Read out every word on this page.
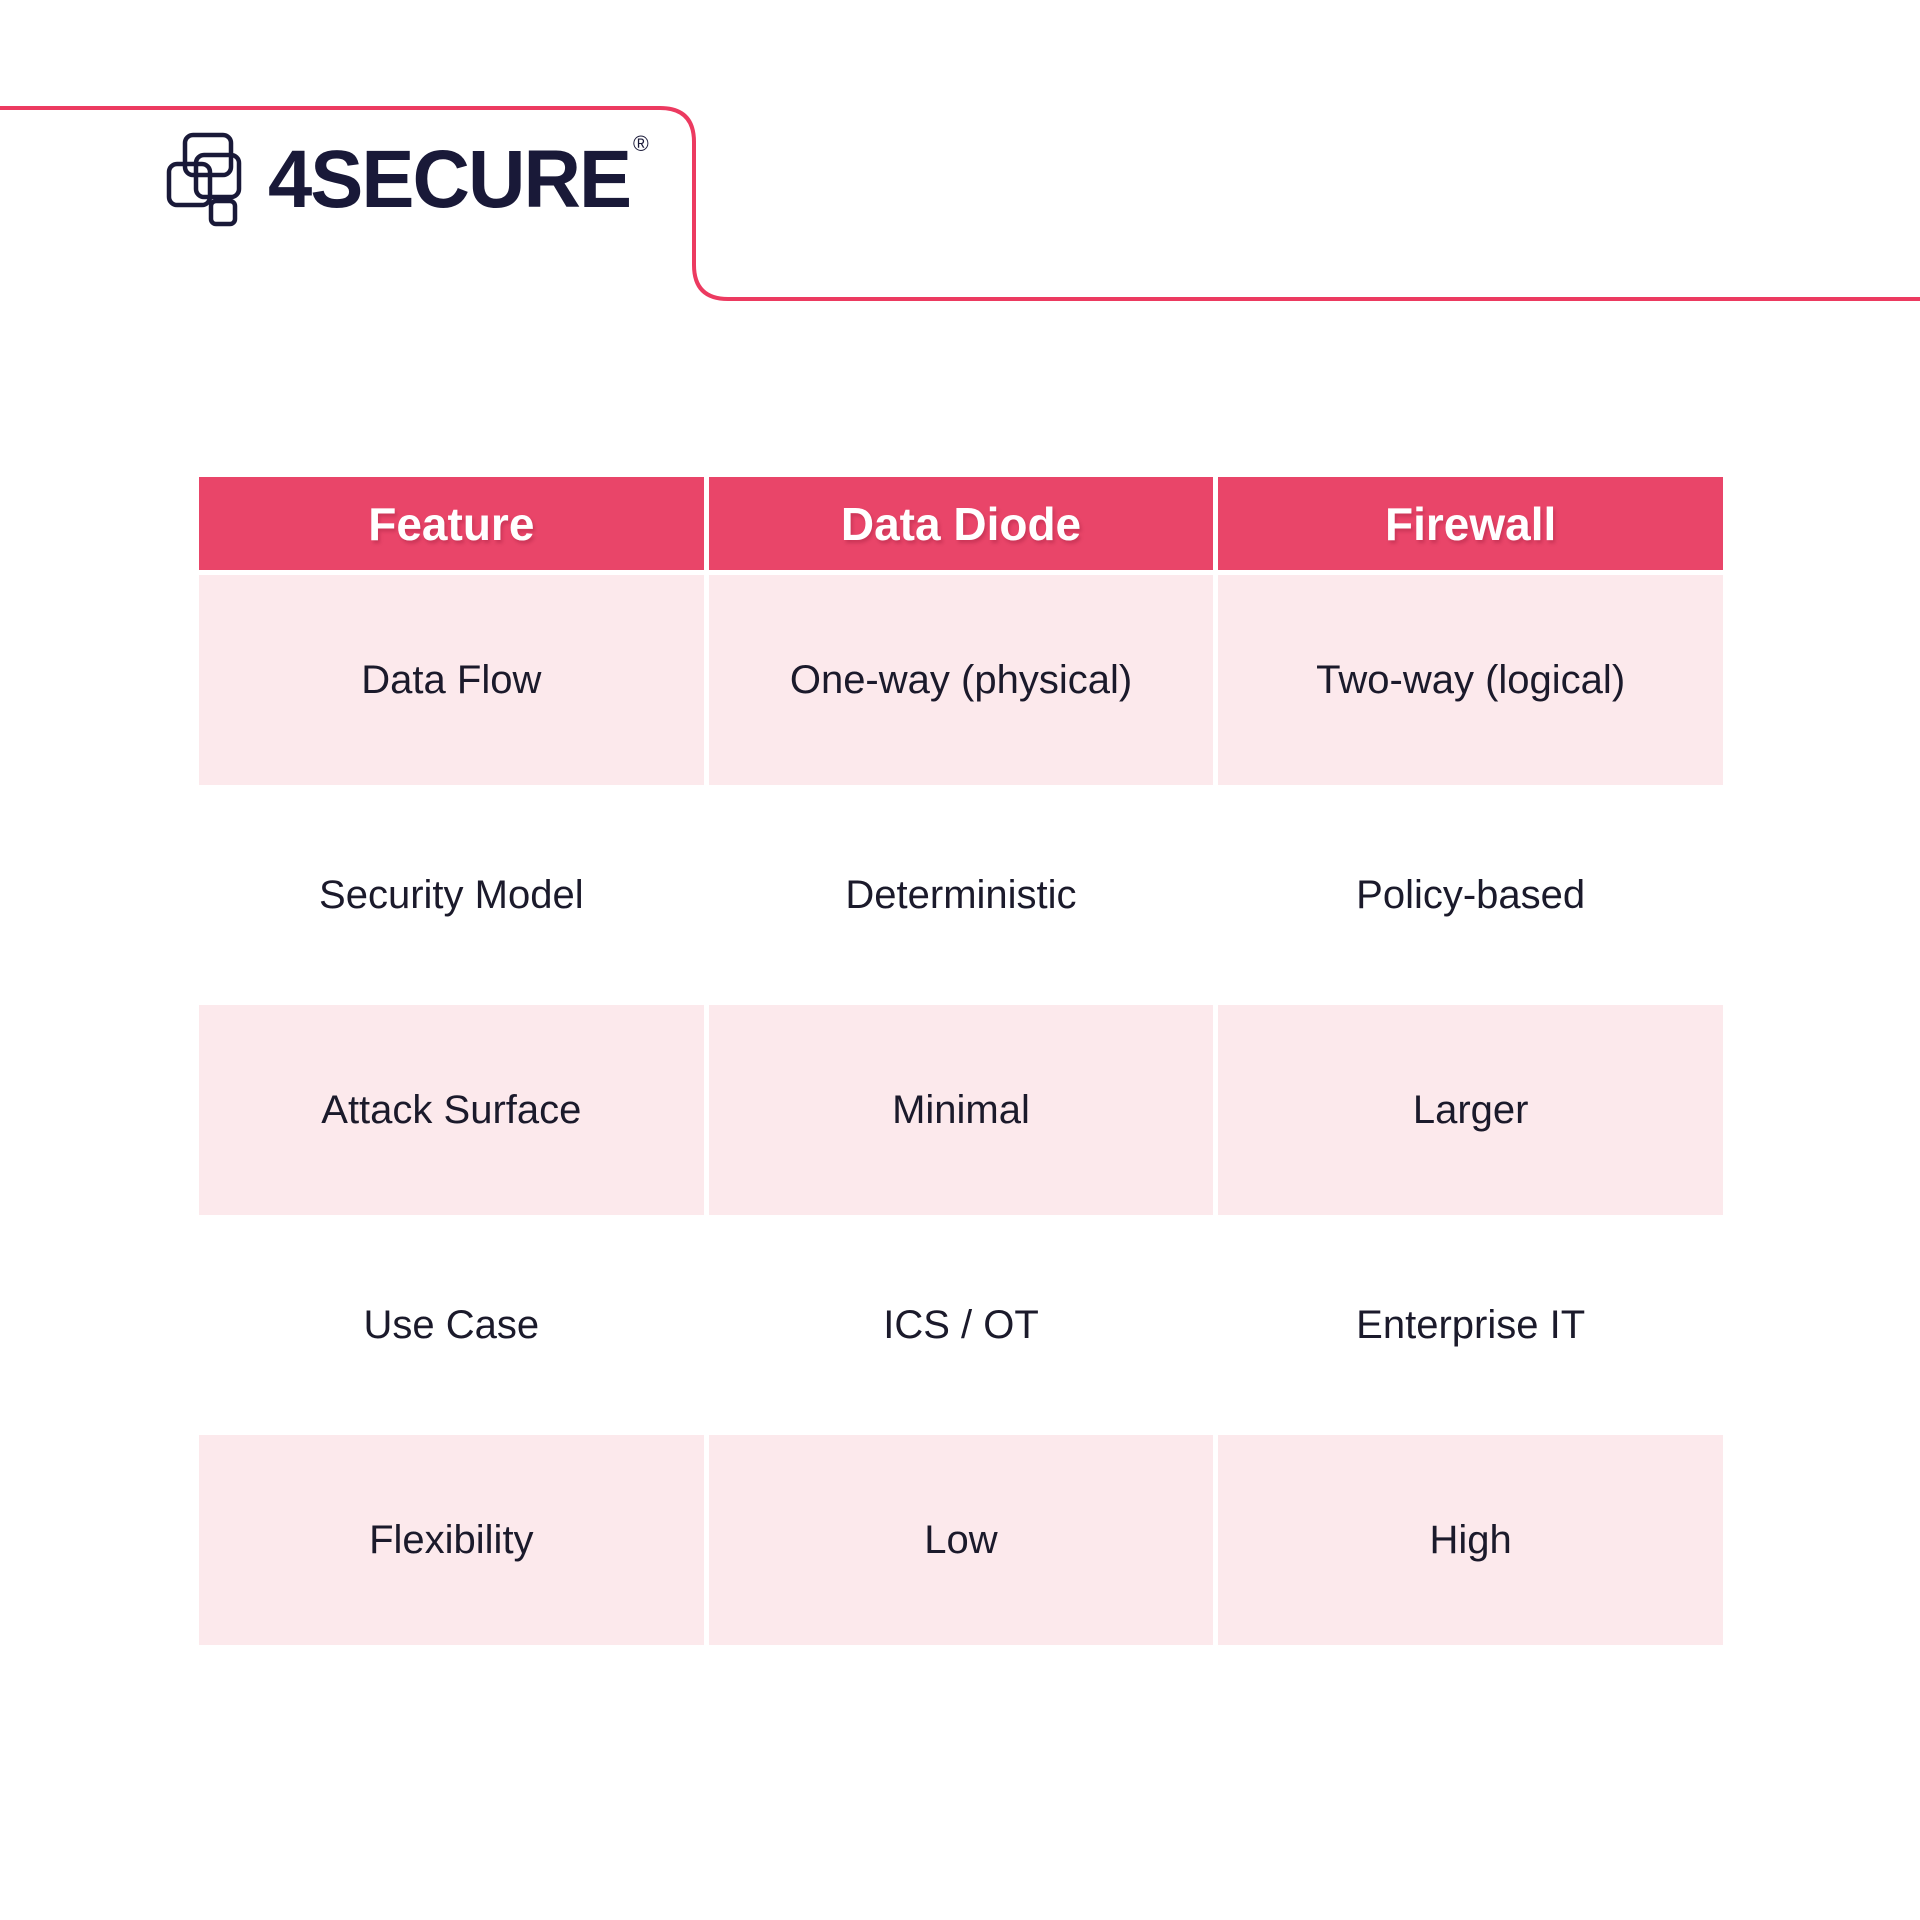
4SECURE ®
Feature	Data Diode	Firewall
Data Flow	One-way (physical)	Two-way (logical)
Security Model	Deterministic	Policy-based
Attack Surface	Minimal	Larger
Use Case	ICS / OT	Enterprise IT
Flexibility	Low	High
